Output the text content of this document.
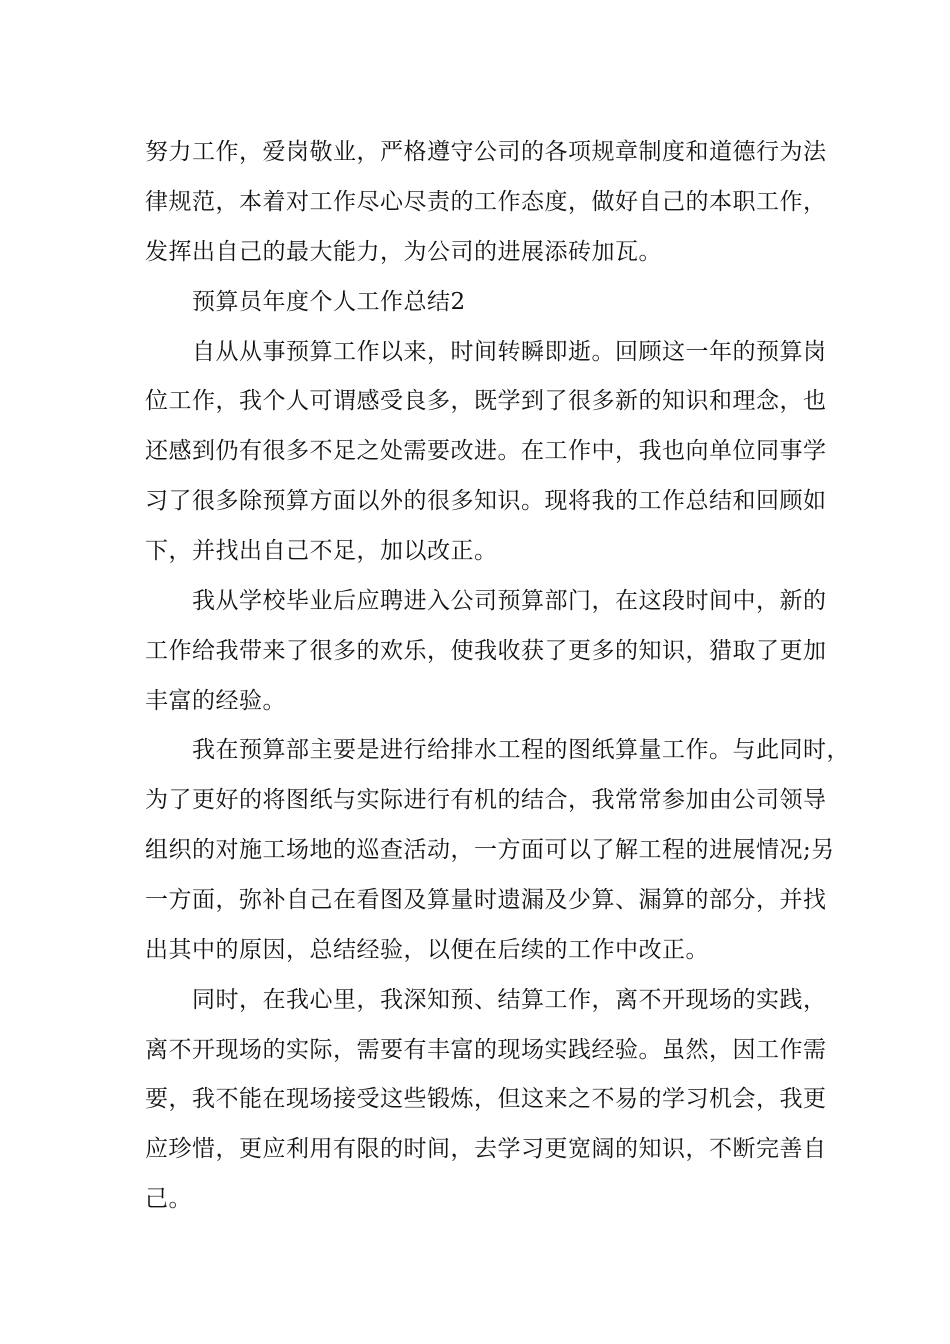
努力工作，爱岗敬业，严格遵守公司的各项规章制度和道德行为法
律规范，本着对工作尽心尽责的工作态度，做好自己的本职工作，
发挥出自己的最大能力，为公司的进展添砖加瓦。
预算员年度个人工作总结2
自从从事预算工作以来，时间转瞬即逝。回顾这一年的预算岗
位工作，我个人可谓感受良多，既学到了很多新的知识和理念，也
还感到仍有很多不足之处需要改进。在工作中，我也向单位同事学
习了很多除预算方面以外的很多知识。现将我的工作总结和回顾如
下，并找出自己不足，加以改正。
我从学校毕业后应聘进入公司预算部门，在这段时间中，新的
工作给我带来了很多的欢乐，使我收获了更多的知识，猎取了更加
丰富的经验。
我在预算部主要是进行给排水工程的图纸算量工作。与此同时，
为了更好的将图纸与实际进行有机的结合，我常常参加由公司领导
组织的对施工场地的巡查活动，一方面可以了解工程的进展情况;另
一方面，弥补自己在看图及算量时遗漏及少算、漏算的部分，并找
出其中的原因，总结经验，以便在后续的工作中改正。
同时，在我心里，我深知预、结算工作，离不开现场的实践，
离不开现场的实际，需要有丰富的现场实践经验。虽然，因工作需
要，我不能在现场接受这些锻炼，但这来之不易的学习机会，我更
应珍惜，更应利用有限的时间，去学习更宽阔的知识，不断完善自
己。
